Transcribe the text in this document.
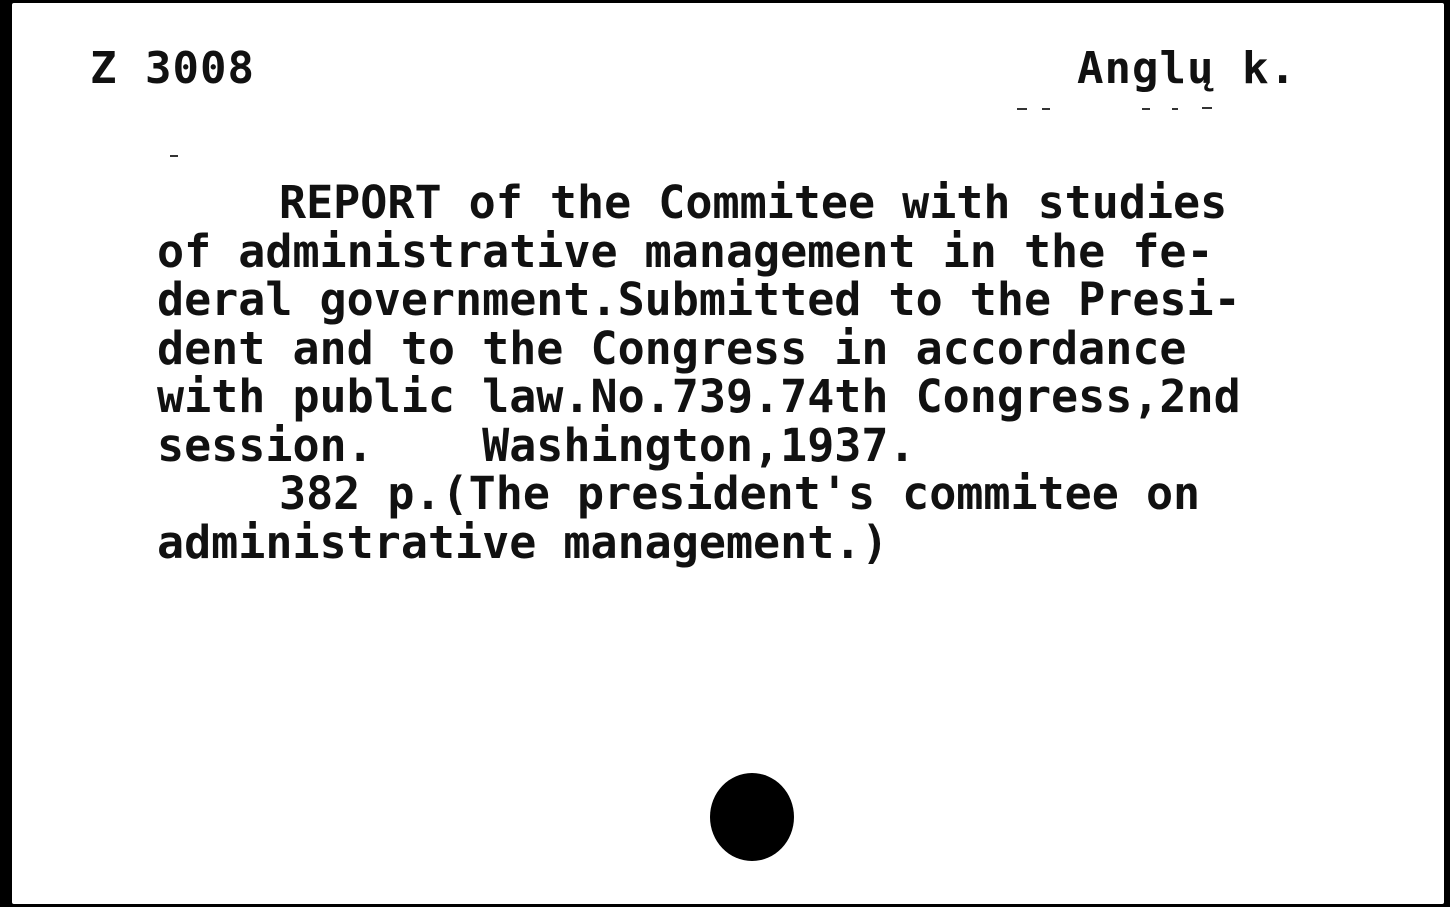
Z 3008	Anglų k.
REPORT of the Commitee with studies
of administrative management in the fe-
deral government.Submitted to the Presi-
dent and to the Congress in accordance
with public law.No.739.74th Congress,2nd
session.    Washington,1937.
382 p.(The president's commitee on
administrative management.)
